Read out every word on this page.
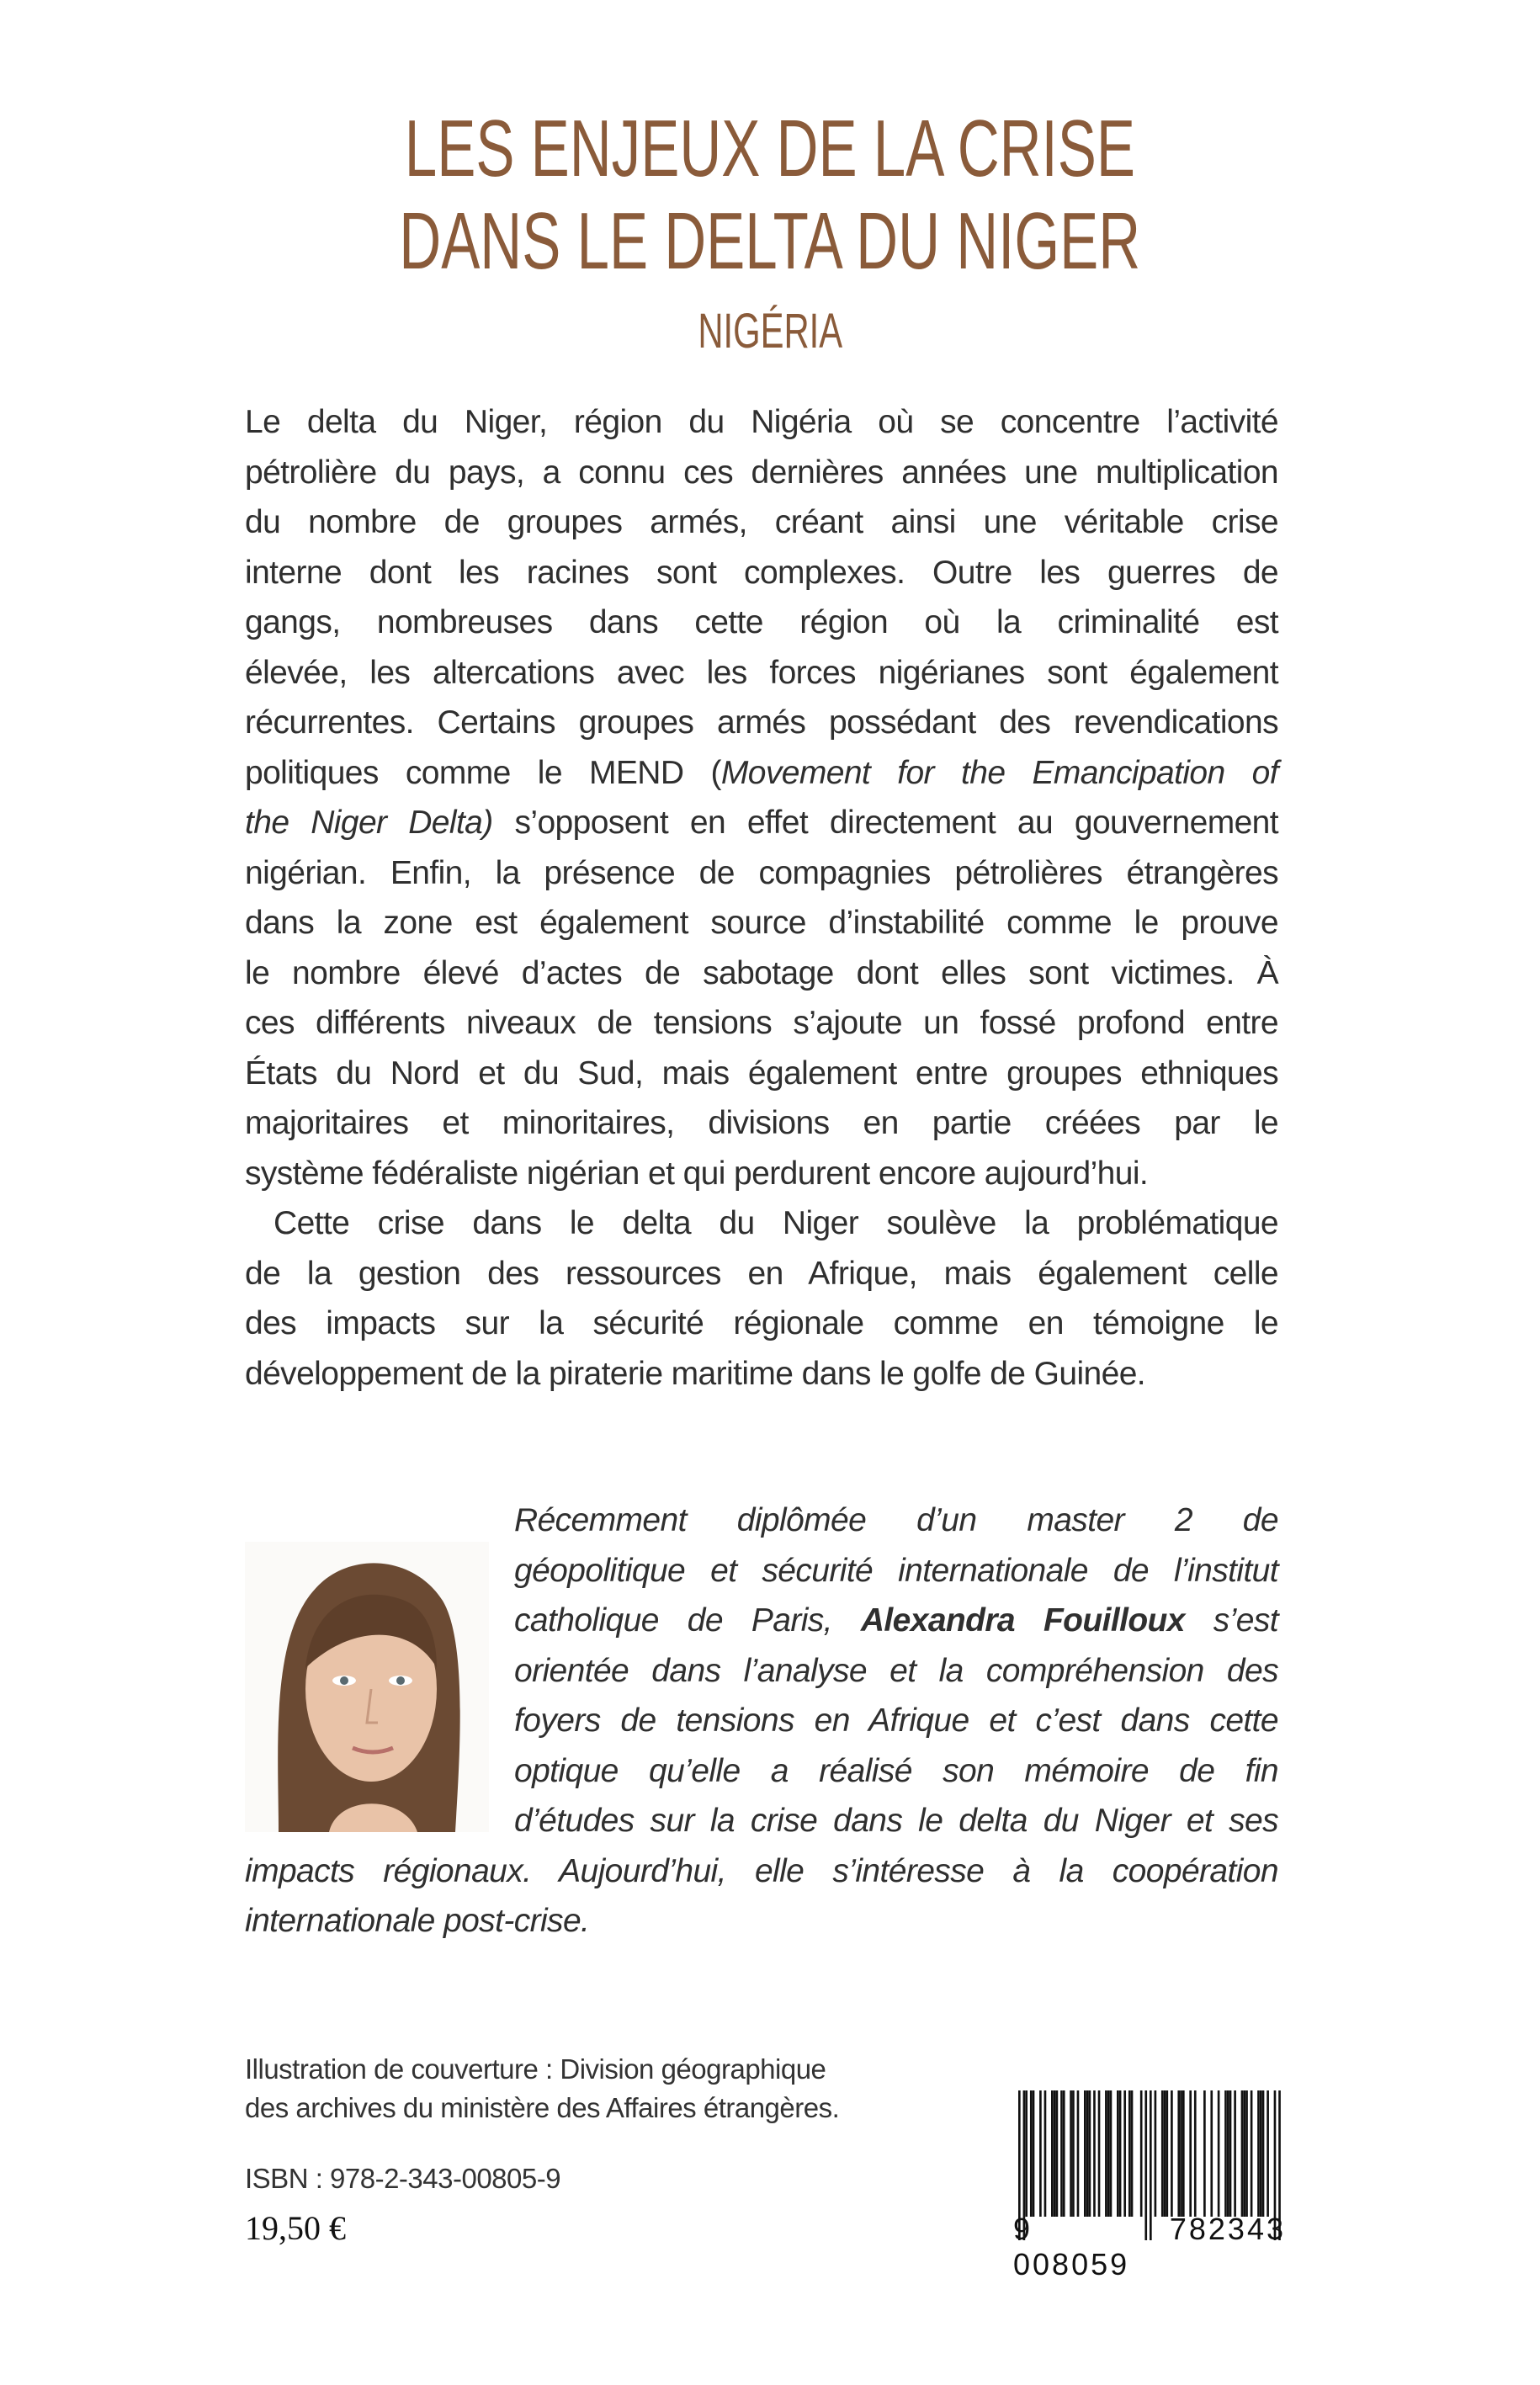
LES ENJEUX DE LA CRISE
DANS LE DELTA DU NIGER
NIGÉRIA
Le delta du Niger, région du Nigéria où se concentre l’activité
pétrolière du pays, a connu ces dernières années une multiplication
du nombre de groupes armés, créant ainsi une véritable crise
interne dont les racines sont complexes. Outre les guerres de
gangs, nombreuses dans cette région où la criminalité est
élevée, les altercations avec les forces nigérianes sont également
récurrentes. Certains groupes armés possédant des revendications
politiques comme le MEND (Movement for the Emancipation of
the Niger Delta) s’opposent en effet directement au gouvernement
nigérian. Enfin, la présence de compagnies pétrolières étrangères
dans la zone est également source d’instabilité comme le prouve
le nombre élevé d’actes de sabotage dont elles sont victimes. À
ces différents niveaux de tensions s’ajoute un fossé profond entre
États du Nord et du Sud, mais également entre groupes ethniques
majoritaires et minoritaires, divisions en partie créées par le
système fédéraliste nigérian et qui perdurent encore aujourd’hui.
Cette crise dans le delta du Niger soulève la problématique
de la gestion des ressources en Afrique, mais également celle
des impacts sur la sécurité régionale comme en témoigne le
développement de la piraterie maritime dans le golfe de Guinée.
Récemment diplômée d’un master 2 de
géopolitique et sécurité internationale de l’institut
catholique de Paris, Alexandra Fouilloux s’est
orientée dans l’analyse et la compréhension des
foyers de tensions en Afrique et c’est dans cette
optique qu’elle a réalisé son mémoire de fin
d’études sur la crise dans le delta du Niger et ses
impacts régionaux. Aujourd’hui, elle s’intéresse à la coopération
internationale post-crise.
Illustration de couverture : Division géographique
des archives du ministère des Affaires étrangères.
ISBN : 978-2-343-00805-9
19,50 €	9 782343 008059
